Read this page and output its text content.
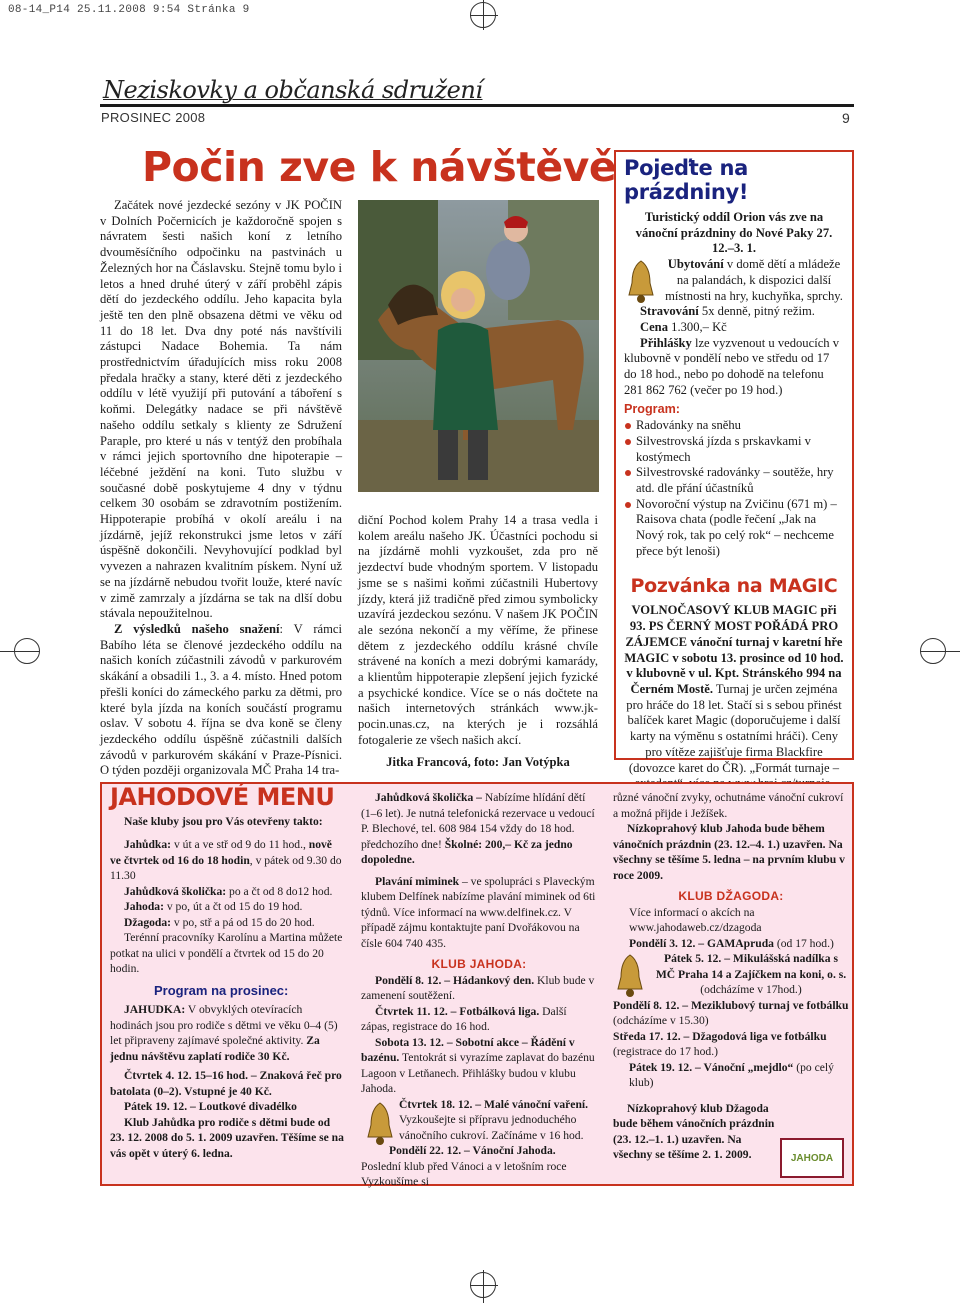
08-14_P14 25.11.2008 9:54 Stránka 9
Neziskovky a občanská sdružení
PROSINEC 2008	9
Počin zve k návštěvě

Začátek nové jezdecké sezóny v JK POČIN v Dolních Počernicích je každoročně spojen s návratem šesti našich koní z letního dvouměsíčního odpočinku na pastvinách u Železných hor na Čáslavsku. Stejně tomu bylo i letos a hned druhé úterý v září proběhl zápis dětí do jezdeckého oddílu. Jeho kapacita byla ještě ten den plně obsazena dětmi ve věku od 11 do 18 let. Dva dny poté nás navštívili zástupci Nadace Bohemia. Ta nám prostřednictvím úřadujících miss roku 2008 předala hračky a stany, které děti z jezdeckého oddílu v létě využijí při putování a táboření s koňmi. Delegátky nadace se při návštěvě našeho oddílu setkaly s klienty ze Sdružení Paraple, pro které u nás v tentýž den probíhala v rámci jejich sportovního dne hipoterapie – léčebné ježdění na koni. Tuto službu v současné době poskytujeme 4 dny v týdnu celkem 30 osobám se zdravotním postižením. Hippoterapie probíhá v okolí areálu i na jízdárně, jejíž rekonstrukci jsme letos v září úspěšně dokončili. Nevyhovující podklad byl vyvezen a nahrazen kvalitním pískem. Nyní už se na jízdárně nebudou tvořit louže, které navíc v zimě zamrzaly a jízdárna se tak na dlší dobu stávala nepoužitelnou.

Z výsledků našeho snažení: V rámci Babího léta se členové jezdeckého oddílu na našich koních zúčastnili závodů v parkurovém skákání a obsadili 1., 3. a 4. místo. Hned potom přešli koníci do zámeckého parku za dětmi, pro které byla jízda na koních součástí programu oslav. V sobotu 4. října se dva koně se členy jezdeckého oddílu úspěšně zúčastnili dalších závodů v parkurovém skákání v Praze-Písnici. O týden později organizovala MČ Praha 14 tra-

diční Pochod kolem Prahy 14 a trasa vedla i kolem areálu našeho JK. Účastníci pochodu si na jízdárně mohli vyzkoušet, zda pro ně jezdectví bude vhodným sportem. V listopadu jsme se s našimi koňmi zúčastnili Hubertovy jízdy, která již tradičně před zimou symbolicky uzavírá jezdeckou sezónu. V našem JK POČIN ale sezóna nekončí a my věříme, že přinese dětem z jezdeckého oddílu krásné chvíle strávené na koních a mezi dobrými kamarády, a klientům hippoterapie zlepšení jejich fyzické a psychické kondice. Více se o nás dočtete na našich internetových stránkách www.jk-pocin.unas.cz, na kterých je i rozsáhlá fotogalerie ze všech našich akcí.

Jitka Francová, foto: Jan Votýpka

Pojeďte na prázdniny!

Turistický oddíl Orion vás zve na vánoční prázdniny do Nové Paky 27. 12.–3. 1.

Ubytování v domě dětí a mládeže na palandách, k dispozici další místnosti na hry, kuchyňka, sprchy.

Stravování 5x denně, pitný režim.

Cena 1.300,– Kč

Přihlášky lze vyzvenout u vedoucích v klubovně v pondělí nebo ve středu od 17 do 18 hod., nebo po dohodě na telefonu 281 862 762 (večer po 19 hod.)

Program:

Radovánky na sněhu
Silvestrovská jízda s prskavkami v kostýmech
Silvestrovské radovánky – soutěže, hry atd. dle přání účastníků
Novoroční výstup na Zvičinu (671 m) – Raisova chata (podle řečení „Jak na Nový rok, tak po celý rok“ – nechceme přece být lenoši)
Pozvánka na MAGIC

VOLNOČASOVÝ KLUB MAGIC při 93. PS ČERNÝ MOST POŘÁDÁ PRO ZÁJEMCE vánoční turnaj v karetní hře MAGIC v sobotu 13. prosince od 10 hod. v klubovně v ul. Kpt. Stránského 994 na Černém Mostě. Turnaj je určen zejména pro hráče do 18 let. Stačí si s sebou přinést balíček karet Magic (doporučujeme i další karty na výměnu s ostatními hráči). Ceny pro vítěze zajišťuje firma Blackfire (dovozce karet do ČR). „Formát turnaje –

JAHODOVÉ MENU

Naše kluby jsou pro Vás otevřeny takto:

Jahůdka: v út a ve stř od 9 do 11 hod., nově ve čtvrtek od 16 do 18 hodin, v pátek od 9.30 do 11.30

Jahůdková školička: po a čt od 8 do12 hod.

Jahoda: v po, út a čt od 15 do 19 hod.

Džagoda: v po, stř a pá od 15 do 20 hod.

Terénní pracovníky Karolínu a Martina můžete potkat na ulici v pondělí a čtvrtek od 15 do 20 hodin.

Program na prosinec:

JAHUDKA: V obvyklých otevíracích hodinách jsou pro rodiče s dětmi ve věku 0–4 (5) let připraveny zajímavé společné aktivity. Za jednu návštěvu zaplatí rodiče 30 Kč.

Čtvrtek 4. 12. 15–16 hod. – Znaková řeč pro batolata (0–2). Vstupné je 40 Kč.

Pátek 19. 12. – Loutkové divadélko

Klub Jahůdka pro rodiče s dětmi bude od 23. 12. 2008 do 5. 1. 2009 uzavřen. Těšíme se na vás opět v úterý 6. ledna.

Jahůdková školička – Nabízíme hlídání dětí (1–6 let). Je nutná telefonická rezervace u vedoucí P. Blechové, tel. 608 984 154 vždy do 18 hod. předchozího dne! Školné: 200,– Kč za jedno dopoledne.

Plavání miminek – ve spolupráci s Plaveckým klubem Delfínek nabízíme plavání miminek od 6ti týdnů. Více informací na www.delfinek.cz. V případě zájmu kontaktujte paní Dvořákovou na čísle 604 740 435.

KLUB JAHODA:

Pondělí 8. 12. – Hádankový den. Klub bude v zamenení soutěžení.

Čtvrtek 11. 12. – Fotbálková liga. Další zápas, registrace do 16 hod.

Sobota 13. 12. – Sobotní akce – Řádění v bazénu. Tentokrát si vyrazíme zaplavat do bazénu Lagoon v Letňanech. Přihlášky budou v klubu Jahoda.

Čtvrtek 18. 12. – Malé vánoční vaření. Vyzkoušejte si přípravu jednoduchého vánočního cukroví. Začínáme v 16 hod.

Pondělí 22. 12. – Vánoční Jahoda. Poslední klub před Vánoci a v letošním roce Vyzkoušíme si

různé vánoční zvyky, ochutnáme vánoční cukroví a možná přijde i Ježíšek.

Nízkoprahový klub Jahoda bude během vánočních prázdnin (23. 12.–4. 1.) uzavřen. Na všechny se těšíme 5. ledna – na prvním klubu v roce 2009.

KLUB DŽAGODA:

Více informací o akcích na www.jahodaweb.cz/dzagoda

Pondělí 3. 12. – GAMApruda (od 17 hod.)

Pátek 5. 12. – Mikulášská nadílka s MČ Praha 14 a Zajíčkem na koni, o. s. (odcházíme v 17hod.)

Pondělí 8. 12. – Meziklubový turnaj ve fotbálku (odcházíme v 15.30)

Středa 17. 12. – Džagodová liga ve fotbálku (registrace do 17 hod.)

Pátek 19. 12. – Vánoční „mejdlo“ (po celý klub)

Nízkoprahový klub Džagoda bude během vánočních prázdnin (23. 12.–1. 1.) uzavřen. Na všechny se těšíme 2. 1. 2009.	JAHODA
